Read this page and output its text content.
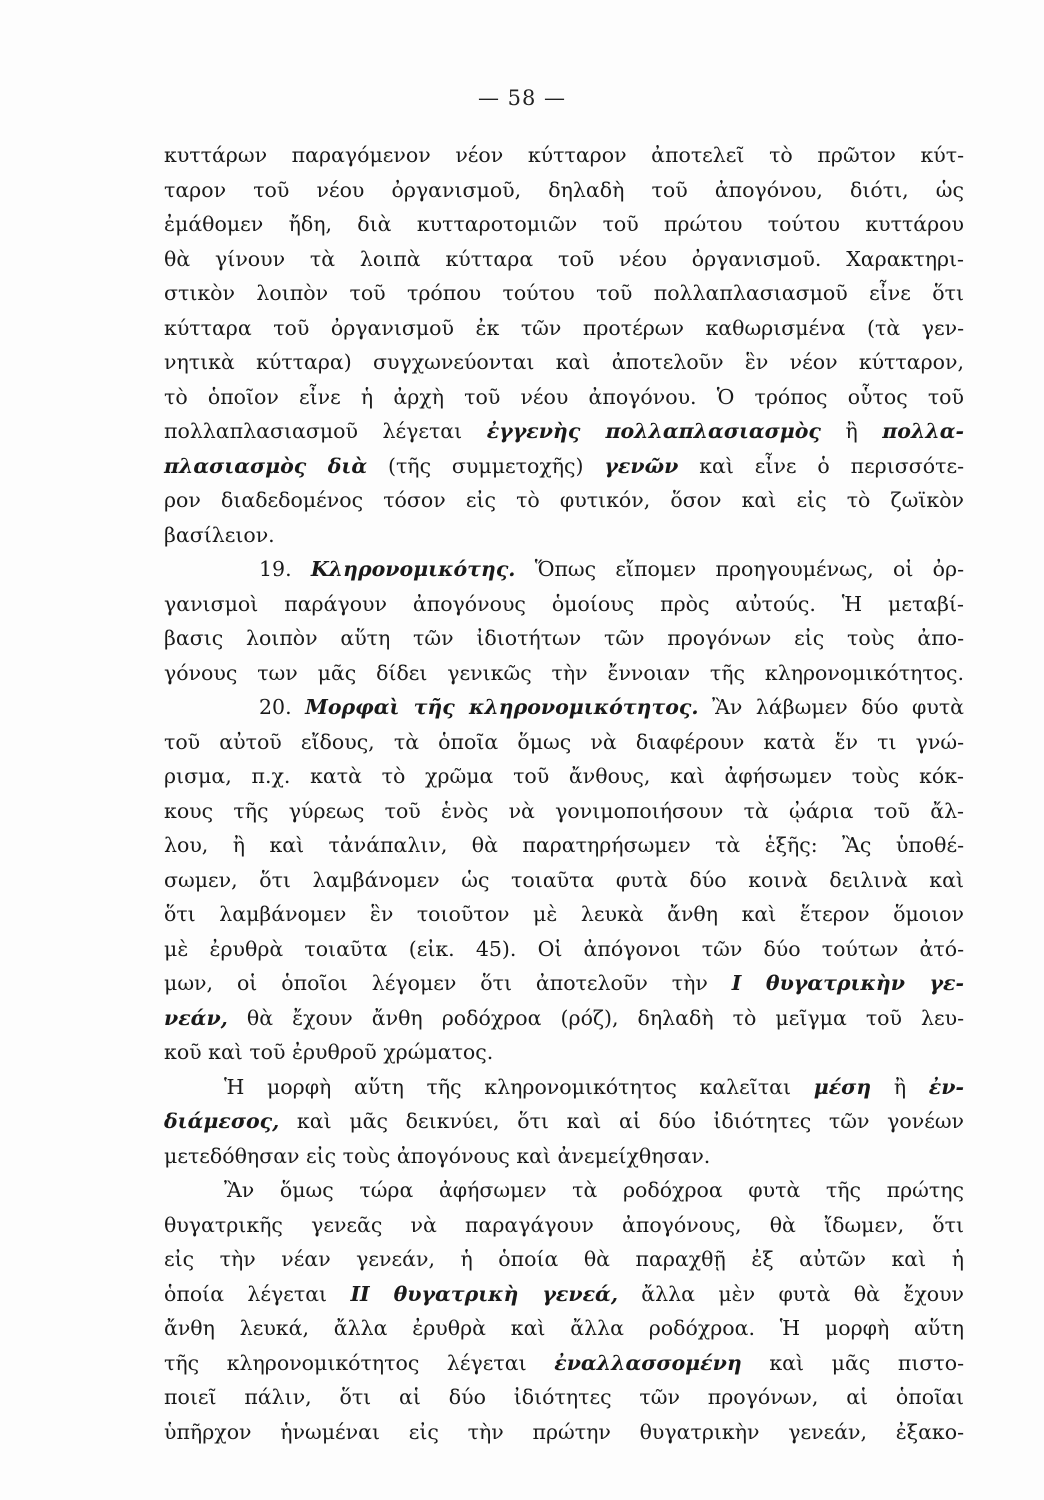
— 58 —
κυττάρων παραγόμενον νέον κύτταρον ἀποτελεῖ τὸ πρῶτον κύτ-
ταρον τοῦ νέου ὀργανισμοῦ, δηλαδὴ τοῦ ἀπογόνου, διότι, ὡς
ἐμάθομεν ἤδη, διὰ κυτταροτομιῶν τοῦ πρώτου τούτου κυττάρου
θὰ γίνουν τὰ λοιπὰ κύτταρα τοῦ νέου ὀργανισμοῦ. Χαρακτηρι-
στικὸν λοιπὸν τοῦ τρόπου τούτου τοῦ πολλαπλασιασμοῦ εἶνε ὅτι
κύτταρα τοῦ ὀργανισμοῦ ἐκ τῶν προτέρων καθωρισμένα (τὰ γεν-
νητικὰ κύτταρα) συγχωνεύονται καὶ ἀποτελοῦν ἓν νέον κύτταρον,
τὸ ὁποῖον εἶνε ἡ ἀρχὴ τοῦ νέου ἀπογόνου. Ὁ τρόπος οὗτος τοῦ
πολλαπλασιασμοῦ λέγεται ἐγγενὴς πολλαπλασιασμὸς ἢ πολλα-
πλασιασμὸς διὰ (τῆς συμμετοχῆς) γενῶν καὶ εἶνε ὁ περισσότε-
ρον διαδεδομένος τόσον εἰς τὸ φυτικόν, ὅσον καὶ εἰς τὸ ζωϊκὸν
βασίλειον.
19. Κληρονομικότης. Ὅπως εἴπομεν προηγουμένως, οἱ ὀρ-
γανισμοὶ παράγουν ἀπογόνους ὁμοίους πρὸς αὐτούς. Ἡ μεταβί-
βασις λοιπὸν αὕτη τῶν ἰδιοτήτων τῶν προγόνων εἰς τοὺς ἀπο-
γόνους των μᾶς δίδει γενικῶς τὴν ἔννοιαν τῆς κληρονομικότητος.
20. Μορφαὶ τῆς κληρονομικότητος. Ἂν λάβωμεν δύο φυτὰ
τοῦ αὐτοῦ εἴδους, τὰ ὁποῖα ὅμως νὰ διαφέρουν κατὰ ἕν τι γνώ-
ρισμα, π.χ. κατὰ τὸ χρῶμα τοῦ ἄνθους, καὶ ἀφήσωμεν τοὺς κόκ-
κους τῆς γύρεως τοῦ ἑνὸς νὰ γονιμοποιήσουν τὰ ᾠάρια τοῦ ἄλ-
λου, ἢ καὶ τἀνάπαλιν, θὰ παρατηρήσωμεν τὰ ἑξῆς: Ἂς ὑποθέ-
σωμεν, ὅτι λαμβάνομεν ὡς τοιαῦτα φυτὰ δύο κοινὰ δειλινὰ καὶ
ὅτι λαμβάνομεν ἓν τοιοῦτον μὲ λευκὰ ἄνθη καὶ ἕτερον ὅμοιον
μὲ ἐρυθρὰ τοιαῦτα (εἰκ. 45). Οἱ ἀπόγονοι τῶν δύο τούτων ἀτό-
μων, οἱ ὁποῖοι λέγομεν ὅτι ἀποτελοῦν τὴν I θυγατρικὴν γε-
νεάν, θὰ ἔχουν ἄνθη ροδόχροα (ρόζ), δηλαδὴ τὸ μεῖγμα τοῦ λευ-
κοῦ καὶ τοῦ ἐρυθροῦ χρώματος.
Ἡ μορφὴ αὕτη τῆς κληρονομικότητος καλεῖται μέση ἢ ἐν-
διάμεσος, καὶ μᾶς δεικνύει, ὅτι καὶ αἱ δύο ἰδιότητες τῶν γονέων
μετεδόθησαν εἰς τοὺς ἀπογόνους καὶ ἀνεμείχθησαν.
Ἂν ὅμως τώρα ἀφήσωμεν τὰ ροδόχροα φυτὰ τῆς πρώτης
θυγατρικῆς γενεᾶς νὰ παραγάγουν ἀπογόνους, θὰ ἴδωμεν, ὅτι
εἰς τὴν νέαν γενεάν, ἡ ὁποία θὰ παραχθῇ ἐξ αὐτῶν καὶ ἡ
ὁποία λέγεται II θυγατρικὴ γενεά, ἄλλα μὲν φυτὰ θὰ ἔχουν
ἄνθη λευκά, ἄλλα ἐρυθρὰ καὶ ἄλλα ροδόχροα. Ἡ μορφὴ αὕτη
τῆς κληρονομικότητος λέγεται ἐναλλασσομένη καὶ μᾶς πιστο-
ποιεῖ πάλιν, ὅτι αἱ δύο ἰδιότητες τῶν προγόνων, αἱ ὁποῖαι
ὑπῆρχον ἡνωμέναι εἰς τὴν πρώτην θυγατρικὴν γενεάν, ἐξακο-
